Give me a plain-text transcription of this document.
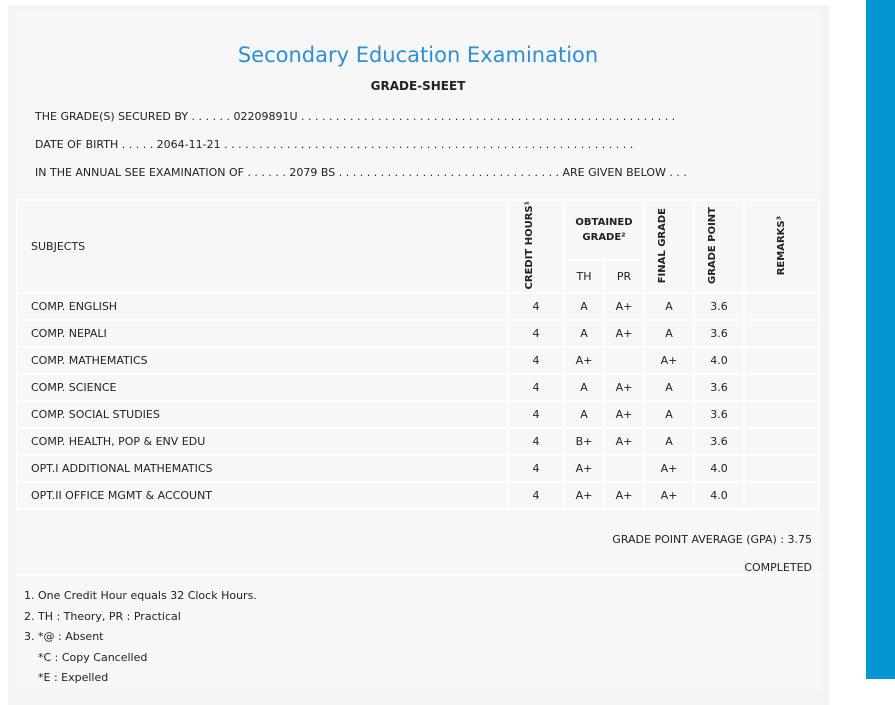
Secondary Education Examination
GRADE-SHEET
THE GRADE(S) SECURED BY . . . . . . 02209891U . . . . . . . . . . . . . . . . . . . . . . . . . . . . . . . . . . . . . . . . . . . . . . . . . . . . . .
DATE OF BIRTH . . . . . 2064-11-21 . . . . . . . . . . . . . . . . . . . . . . . . . . . . . . . . . . . . . . . . . . . . . . . . . . . . . . . . . . .
IN THE ANNUAL SEE EXAMINATION OF . . . . . . 2079 BS . . . . . . . . . . . . . . . . . . . . . . . . . . . . . . . . ARE GIVEN BELOW . . .
SUBJECTS	CREDIT HOURS¹	OBTAINED GRADE²		FINAL GRADE	GRADE POINT	REMARKS³
		TH	PR			
COMP. ENGLISH	4	A	A+	A	3.6	
COMP. NEPALI	4	A	A+	A	3.6	
COMP. MATHEMATICS	4	A+		A+	4.0	
COMP. SCIENCE	4	A	A+	A	3.6	
COMP. SOCIAL STUDIES	4	A	A+	A	3.6	
COMP. HEALTH, POP & ENV EDU	4	B+	A+	A	3.6	
OPT.I ADDITIONAL MATHEMATICS	4	A+		A+	4.0	
OPT.II OFFICE MGMT & ACCOUNT	4	A+	A+	A+	4.0	
GRADE POINT AVERAGE (GPA) : 3.75
COMPLETED
1. One Credit Hour equals 32 Clock Hours.
2. TH : Theory, PR : Practical
3. *@ : Absent
*C : Copy Cancelled
*E : Expelled
